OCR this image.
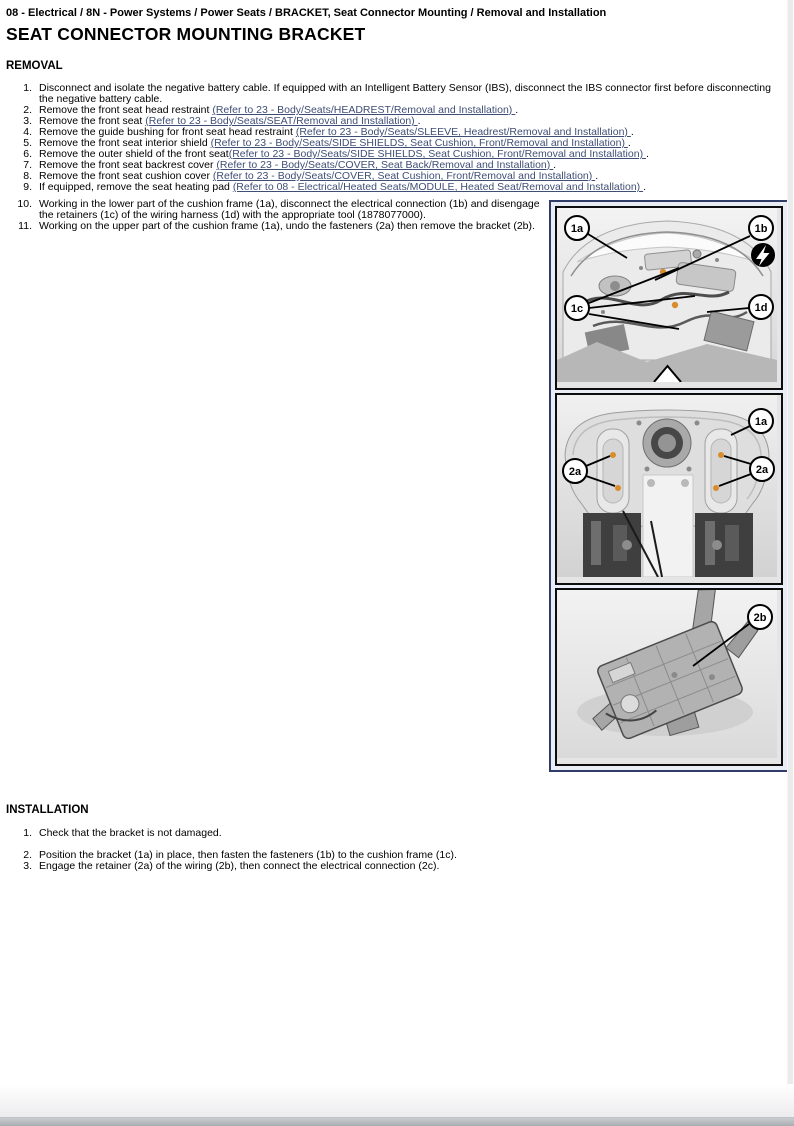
08 - Electrical / 8N - Power Systems / Power Seats / BRACKET, Seat Connector Mounting / Removal and Installation
SEAT CONNECTOR MOUNTING BRACKET
REMOVAL
1. Disconnect and isolate the negative battery cable. If equipped with an Intelligent Battery Sensor (IBS), disconnect the IBS connector first before disconnecting the negative battery cable.
2. Remove the front seat head restraint (Refer to 23 - Body/Seats/HEADREST/Removal and Installation) .
3. Remove the front seat (Refer to 23 - Body/Seats/SEAT/Removal and Installation) .
4. Remove the guide bushing for front seat head restraint (Refer to 23 - Body/Seats/SLEEVE, Headrest/Removal and Installation) .
5. Remove the front seat interior shield (Refer to 23 - Body/Seats/SIDE SHIELDS, Seat Cushion, Front/Removal and Installation) .
6. Remove the outer shield of the front seat(Refer to 23 - Body/Seats/SIDE SHIELDS, Seat Cushion, Front/Removal and Installation) .
7. Remove the front seat backrest cover (Refer to 23 - Body/Seats/COVER, Seat Back/Removal and Installation) .
8. Remove the front seat cushion cover (Refer to 23 - Body/Seats/COVER, Seat Cushion, Front/Removal and Installation) .
9. If equipped, remove the seat heating pad (Refer to 08 - Electrical/Heated Seats/MODULE, Heated Seat/Removal and Installation) .
10. Working in the lower part of the cushion frame (1a), disconnect the electrical connection (1b) and disengage the retainers (1c) of the wiring harness (1d) with the appropriate tool (1878077000).
11. Working on the upper part of the cushion frame (1a), undo the fasteners (2a) then remove the bracket (2b).	1a	1b
1c	1d
1a
2a	2a
2b
INSTALLATION
1. Check that the bracket is not damaged.
2. Position the bracket (1a) in place, then fasten the fasteners (1b) to the cushion frame (1c).
3. Engage the retainer (2a) of the wiring (2b), then connect the electrical connection (2c).
